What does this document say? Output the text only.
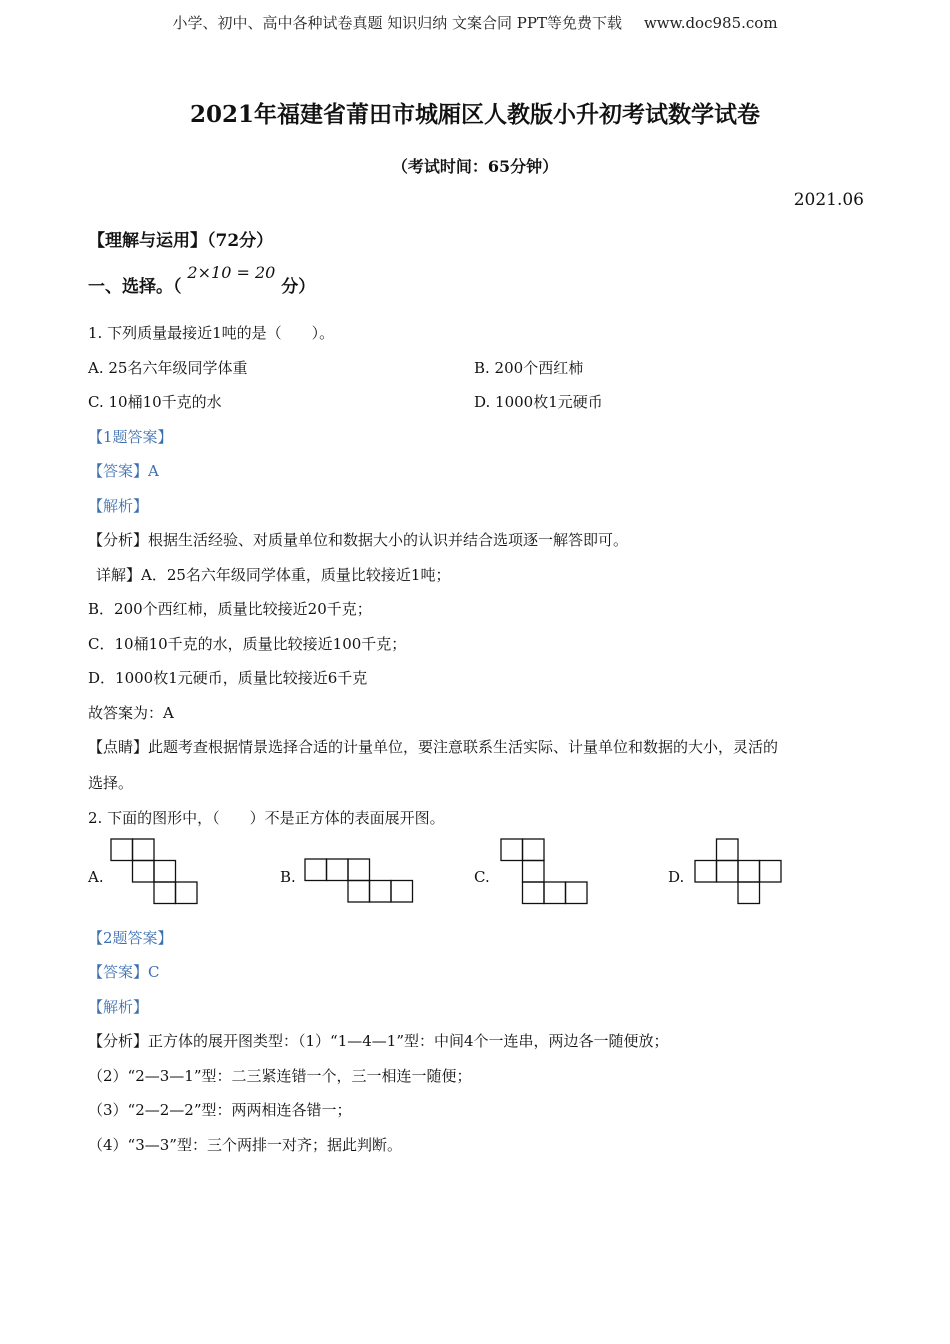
小学、初中、高中各种试卷真题 知识归纳 文案合同 PPT等免费下载 www.doc985.com
2021年福建省莆田市城厢区人教版小升初考试数学试卷
（考试时间：65分钟）
2021.06
【理解与运用】（72分）
一、选择。（ 2×10 = 20 分）
1. 下列质量最接近1吨的是（　　）。
A. 25名六年级同学体重	B. 200个西红柿
C. 10桶10千克的水	D. 1000枚1元硬币
【1题答案】
【答案】A
【解析】
【分析】根据生活经验、对质量单位和数据大小的认识并结合选项逐一解答即可。
详解】A．25名六年级同学体重，质量比较接近1吨；
B．200个西红柿，质量比较接近20千克；
C．10桶10千克的水，质量比较接近100千克；
D．1000枚1元硬币，质量比较接近6千克
故答案为：A
【点睛】此题考查根据情景选择合适的计量单位，要注意联系生活实际、计量单位和数据的大小，灵活的
选择。
2. 下面的图形中，（　　）不是正方体的表面展开图。
A.	B.	C.	D.
【2题答案】
【答案】C
【解析】
【分析】正方体的展开图类型：（1）“1—4—1”型：中间4个一连串，两边各一随便放；
（2）“2—3—1”型：二三紧连错一个，三一相连一随便；
（3）“2—2—2”型：两两相连各错一；
（4）“3—3”型：三个两排一对齐；据此判断。
